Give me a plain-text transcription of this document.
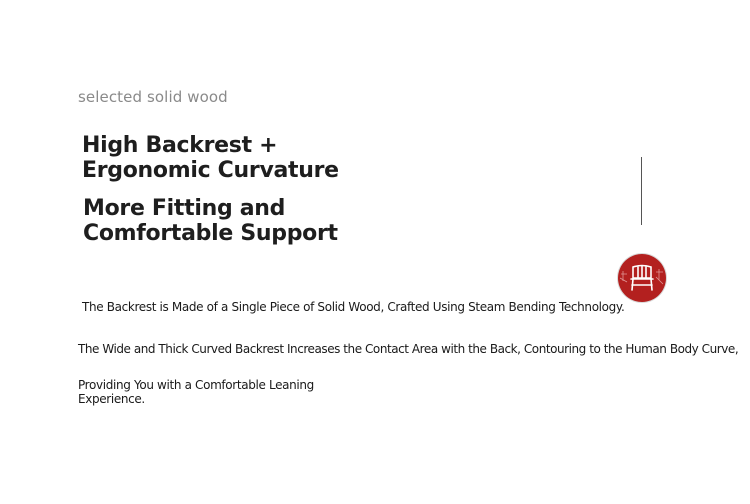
selected solid wood
High Backrest + Ergonomic Curvature
More Fitting and Comfortable Support
The Backrest is Made of a Single Piece of Solid Wood, Crafted Using Steam Bending Technology.
The Wide and Thick Curved Backrest Increases the Contact Area with the Back, Contouring to the Human Body Curve,
Providing You with a Comfortable Leaning Experience.
